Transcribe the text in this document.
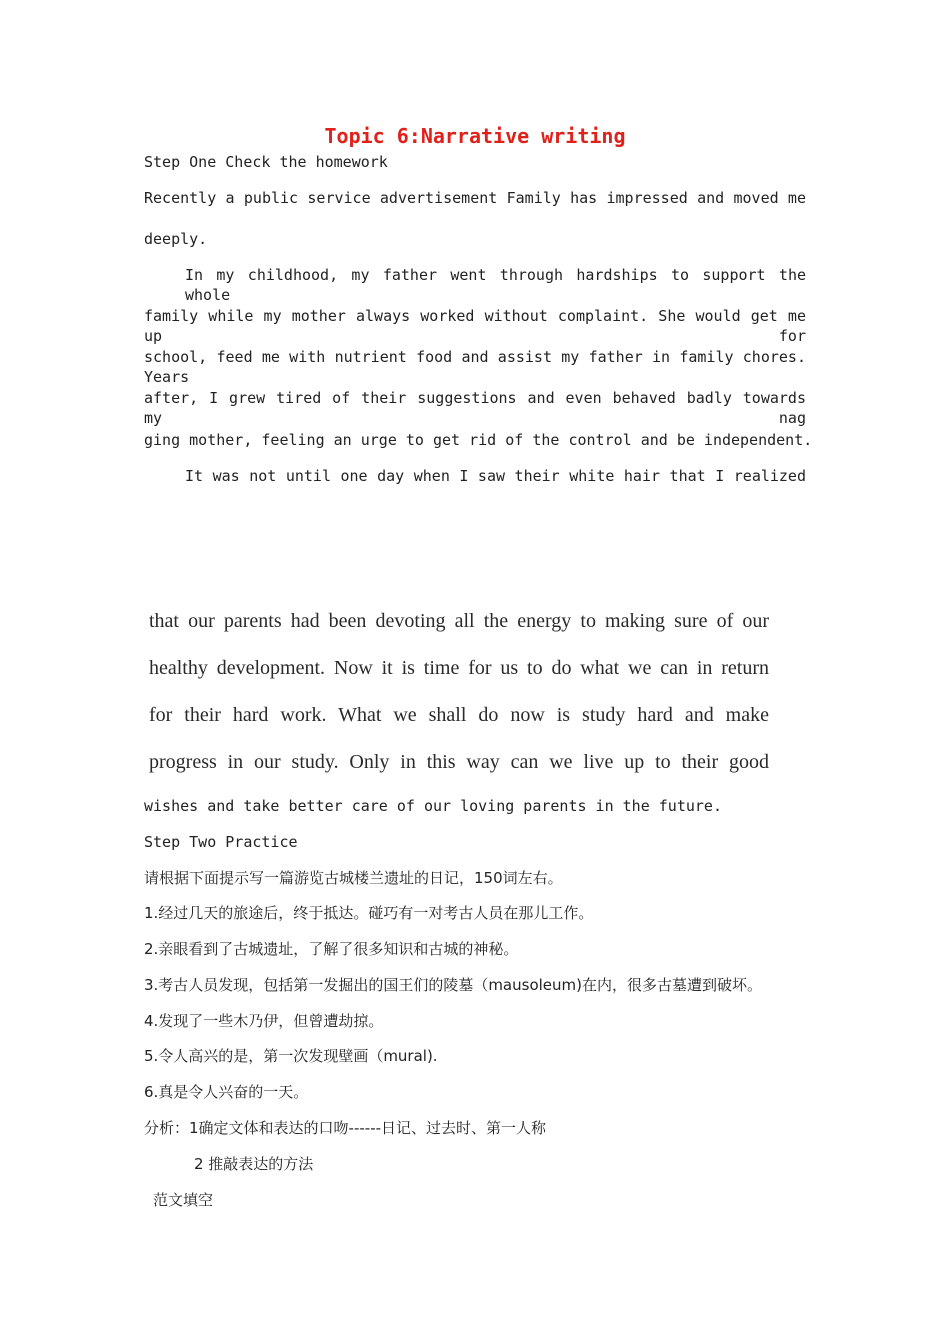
Topic 6:Narrative writing
Step One Check the homework
Recently a public service advertisement Family has impressed and moved me
deeply.
In my childhood, my father went through hardships to support the whole
family while my mother always worked without complaint. She would get me up for
school, feed me with nutrient food and assist my father in family chores. Years
after, I grew tired of their suggestions and even behaved badly towards my nag
ging mother, feeling an urge to get rid of the control and be independent.
It was not until one day when I saw their white hair that I realized
that our parents had been devoting all the energy to making sure of our
healthy development. Now it is time for us to do what we can in return
for their hard work. What we shall do now is study hard and make
progress in our study. Only in this way can we live up to their good
wishes and take better care of our loving parents in the future.
Step Two Practice
请根据下面提示写一篇游览古城楼兰遗址的日记，150词左右。
1.经过几天的旅途后，终于抵达。碰巧有一对考古人员在那儿工作。
2.亲眼看到了古城遗址，了解了很多知识和古城的神秘。
3.考古人员发现，包括第一发掘出的国王们的陵墓（mausoleum)在内，很多古墓遭到破坏。
4.发现了一些木乃伊，但曾遭劫掠。
5.令人高兴的是，第一次发现壁画（mural).
6.真是令人兴奋的一天。
分析：1确定文体和表达的口吻------日记、过去时、第一人称
2 推敲表达的方法
范文填空
